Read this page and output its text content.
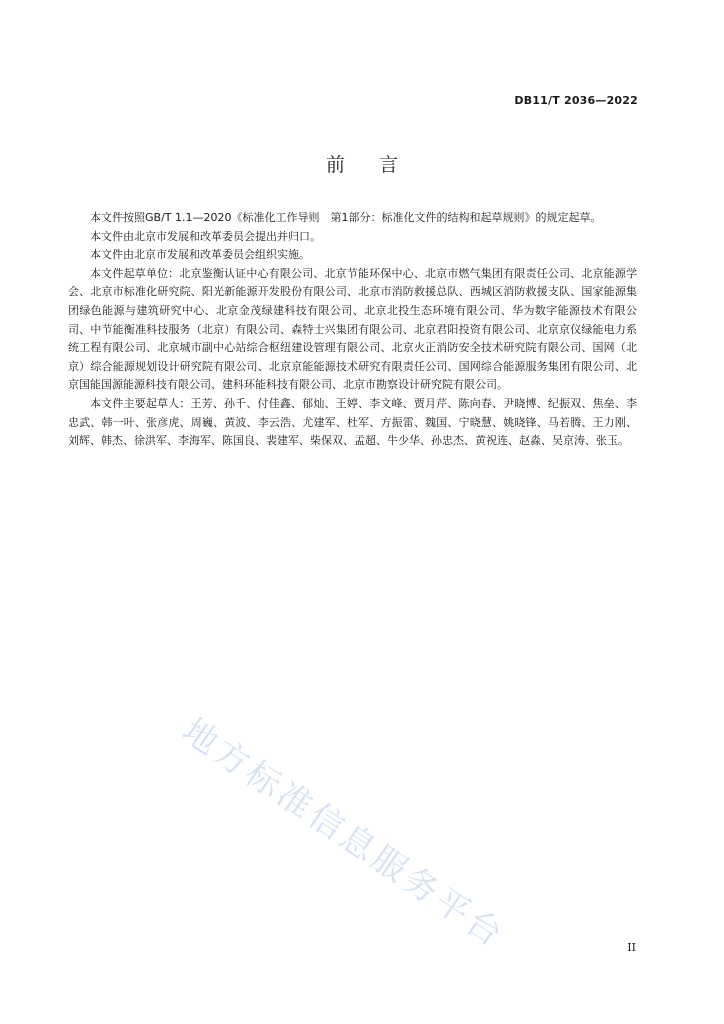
DB11/T 2036—2022
前言

本文件按照GB/T 1.1—2020《标准化工作导则　第1部分：标准化文件的结构和起草规则》的规定起草。

本文件由北京市发展和改革委员会提出并归口。

本文件由北京市发展和改革委员会组织实施。

本文件起草单位：北京鉴衡认证中心有限公司、北京节能环保中心、北京市燃气集团有限责任公司、北京能源学会、北京市标准化研究院、阳光新能源开发股份有限公司、北京市消防救援总队、西城区消防救援支队、国家能源集团绿色能源与建筑研究中心、北京金茂绿建科技有限公司、北京北投生态环境有限公司、华为数字能源技术有限公司、中节能衡准科技服务（北京）有限公司、森特士兴集团有限公司、北京君阳投资有限公司、北京京仪绿能电力系统工程有限公司、北京城市副中心站综合枢纽建设管理有限公司、北京火正消防安全技术研究院有限公司、国网（北京）综合能源规划设计研究院有限公司、北京京能能源技术研究有限责任公司、国网综合能源服务集团有限公司、北京国能国源能源科技有限公司、建科环能科技有限公司、北京市勘察设计研究院有限公司。

本文件主要起草人：王芳、孙千、付佳鑫、郁灿、王婷、李文峰、贾月芹、陈向春、尹晓博、纪振双、焦垒、李忠武、韩一叶、张彦虎、周巍、黄波、李云浩、尤建军、杜军、方振雷、魏国、宁晓慧、姚晓锋、马若腾、王力刚、刘辉、韩杰、徐洪军、李海军、陈国良、裴建军、柴保双、孟超、牛少华、孙忠杰、黄祝连、赵淼、吴京涛、张玉。

地方标准信息服务平台	II
